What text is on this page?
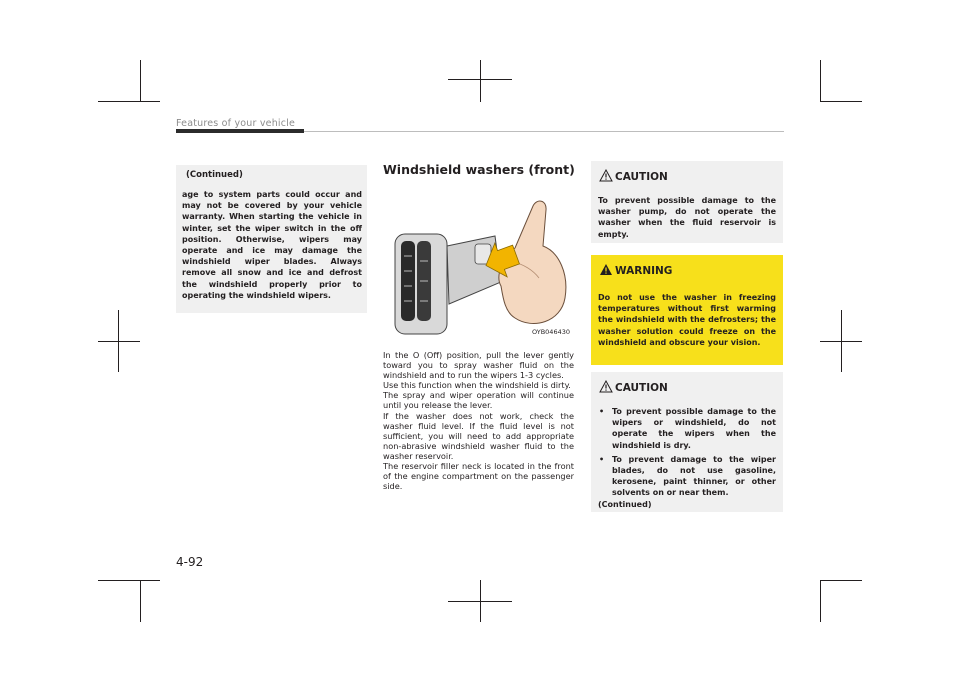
Features of your vehicle
(Continued)
age to system parts could occur and may not be covered by your vehicle warranty. When starting the vehicle in winter, set the wiper switch in the off position. Otherwise, wipers may operate and ice may damage the windshield wiper blades. Always remove all snow and ice and defrost the windshield properly prior to operating the windshield wipers.
Windshield washers (front)
OYB046430

In the O (Off) position, pull the lever gently toward you to spray washer fluid on the windshield and to run the wipers 1-3 cycles.

Use this function when the windshield is dirty.

The spray and wiper operation will continue until you release the lever.

If the washer does not work, check the washer fluid level. If the fluid level is not sufficient, you will need to add appropriate non-abrasive windshield washer fluid to the washer reservoir.

The reservoir filler neck is located in the front of the engine compartment on the passenger side.

CAUTION
To prevent possible damage to the washer pump, do not operate the washer when the fluid reservoir is empty.
WARNING
Do not use the washer in freezing temperatures without first warming the windshield with the defrosters; the washer solution could freeze on the windshield and obscure your vision.
CAUTION
• To prevent possible damage to the wipers or windshield, do not operate the wipers when the windshield is dry.
• To prevent damage to the wiper blades, do not use gasoline, kerosene, paint thinner, or other solvents on or near them.
(Continued)
4-92
